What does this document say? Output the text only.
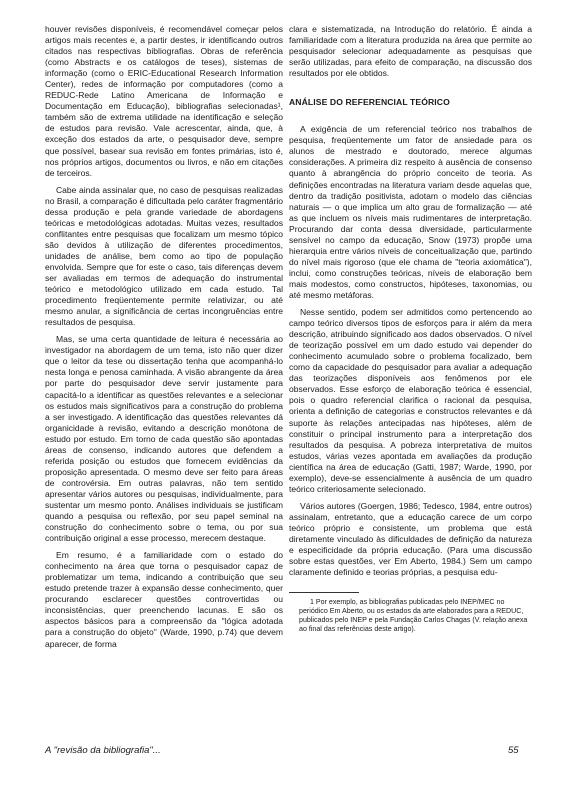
houver revisões disponíveis, é recomendável começar pelos artigos mais recentes e, a partir destes, ir identificando outros citados nas respectivas bibliografias. Obras de referência (como Abstracts e os catálogos de teses), sistemas de informação (como o ERIC-Educational Research Information Center), redes de informação por computadores (como a REDUC-Rede Latino Americana de Informação e Documentação em Educação), bibliografias selecionadas¹, também são de extrema utilidade na identificação e seleção de estudos para revisão. Vale acrescentar, ainda, que, à exceção dos estados da arte, o pesquisador deve, sempre que possível, basear sua revisão em fontes primárias, isto é, nos próprios artigos, documentos ou livros, e não em citações de terceiros.

Cabe ainda assinalar que, no caso de pesquisas realizadas no Brasil, a comparação é dificultada pelo caráter fragmentário dessa produção e pela grande variedade de abordagens teóricas e metodológicas adotadas. Muitas vezes, resultados conflitantes entre pesquisas que focalizam um mesmo tópico são devidos à utilização de diferentes procedimentos, unidades de análise, bem como ao tipo de população envolvida. Sempre que for este o caso, tais diferenças devem ser avaliadas em termos de adequação do instrumental teórico e metodológico utilizado em cada estudo. Tal procedimento freqüentemente permite relativizar, ou até mesmo anular, a significância de certas incongruências entre resultados de pesquisa.

Mas, se uma certa quantidade de leitura é necessária ao investigador na abordagem de um tema, isto não quer dizer que o leitor da tese ou dissertação tenha que acompanhá-lo nesta longa e penosa caminhada. A visão abrangente da área por parte do pesquisador deve servir justamente para capacitá-lo a identificar as questões relevantes e a selecionar os estudos mais significativos para a construção do problema a ser investigado. A identificação das questões relevantes dá organicidade à revisão, evitando a descrição monótona de estudo por estudo. Em torno de cada questão são apontadas áreas de consenso, indicando autores que defendem a referida posição ou estudos que fornecem evidências da proposição apresentada. O mesmo deve ser feito para áreas de controvérsia. Em outras palavras, não tem sentido apresentar vários autores ou pesquisas, individualmente, para sustentar um mesmo ponto. Análises individuais se justificam quando a pesquisa ou reflexão, por seu papel seminal na construção do conhecimento sobre o tema, ou por sua contribuição original a esse processo, merecem destaque.

Em resumo, é a familiaridade com o estado do conhecimento na área que torna o pesquisador capaz de problematizar um tema, indicando a contribuição que seu estudo pretende trazer à expansão desse conhecimento, quer procurando esclarecer questões controvertidas ou inconsistências, quer preenchendo lacunas. E são os aspectos básicos para a compreensão da "lógica adotada para a construção do objeto" (Warde, 1990, p.74) que devem aparecer, de forma

clara e sistematizada, na Introdução do relatório. É ainda a familiaridade com a literatura produzida na área que permite ao pesquisador selecionar adequadamente as pesquisas que serão utilizadas, para efeito de comparação, na discussão dos resultados por ele obtidos.

ANÁLISE DO REFERENCIAL TEÓRICO

A exigência de um referencial teórico nos trabalhos de pesquisa, freqüentemente um fator de ansiedade para os alunos de mestrado e doutorado, merece algumas considerações. A primeira diz respeito à ausência de consenso quanto à abrangência do próprio conceito de teoria. As definições encontradas na literatura variam desde aquelas que, dentro da tradição positivista, adotam o modelo das ciências naturais — o que implica um alto grau de formalização — até as que incluem os níveis mais rudimentares de interpretação. Procurando dar conta dessa diversidade, particularmente sensível no campo da educação, Snow (1973) propõe uma hierarquia entre vários níveis de conceitualização que, partindo do nível mais rigoroso (que ele chama de "teoria axiomática"), inclui, como construções teóricas, níveis de elaboração bem mais modestos, como constructos, hipóteses, taxonomias, ou até mesmo metáforas.

Nesse sentido, podem ser admitidos como pertencendo ao campo teórico diversos tipos de esforços para ir além da mera descrição, atribuindo significado aos dados observados. O nível de teorização possível em um dado estudo vai depender do conhecimento acumulado sobre o problema focalizado, bem como da capacidade do pesquisador para avaliar a adequação das teorizações disponíveis aos fenômenos por ele observados. Esse esforço de elaboração teórica é essencial, pois o quadro referencial clarifica o racional da pesquisa, orienta a definição de categorias e constructos relevantes e dá suporte às relações antecipadas nas hipóteses, além de constituir o principal instrumento para a interpretação dos resultados da pesquisa. A pobreza interpretativa de muitos estudos, várias vezes apontada em avaliações da produção científica na área de educação (Gatti, 1987; Warde, 1990, por exemplo), deve-se essencialmente à ausência de um quadro teórico criteriosamente selecionado.

Vários autores (Goergen, 1986; Tedesco, 1984, entre outros) assinalam, entretanto, que a educação carece de um corpo teórico próprio e consistente, um problema que está diretamente vinculado às dificuldades de definição da natureza e especificidade da própria educação. (Para uma discussão sobre estas questões, ver Em Aberto, 1984.) Sem um campo claramente definido e teorias próprias, a pesquisa edu-

1 Por exemplo, as bibliografias publicadas pelo INEP/MEC no periódico Em Aberto, ou os estados da arte elaborados para a REDUC, publicados pelo INEP e pela Fundação Carlos Chagas (V. relação anexa ao final das referências deste artigo).

A "revisão da bibliografia"...	55
